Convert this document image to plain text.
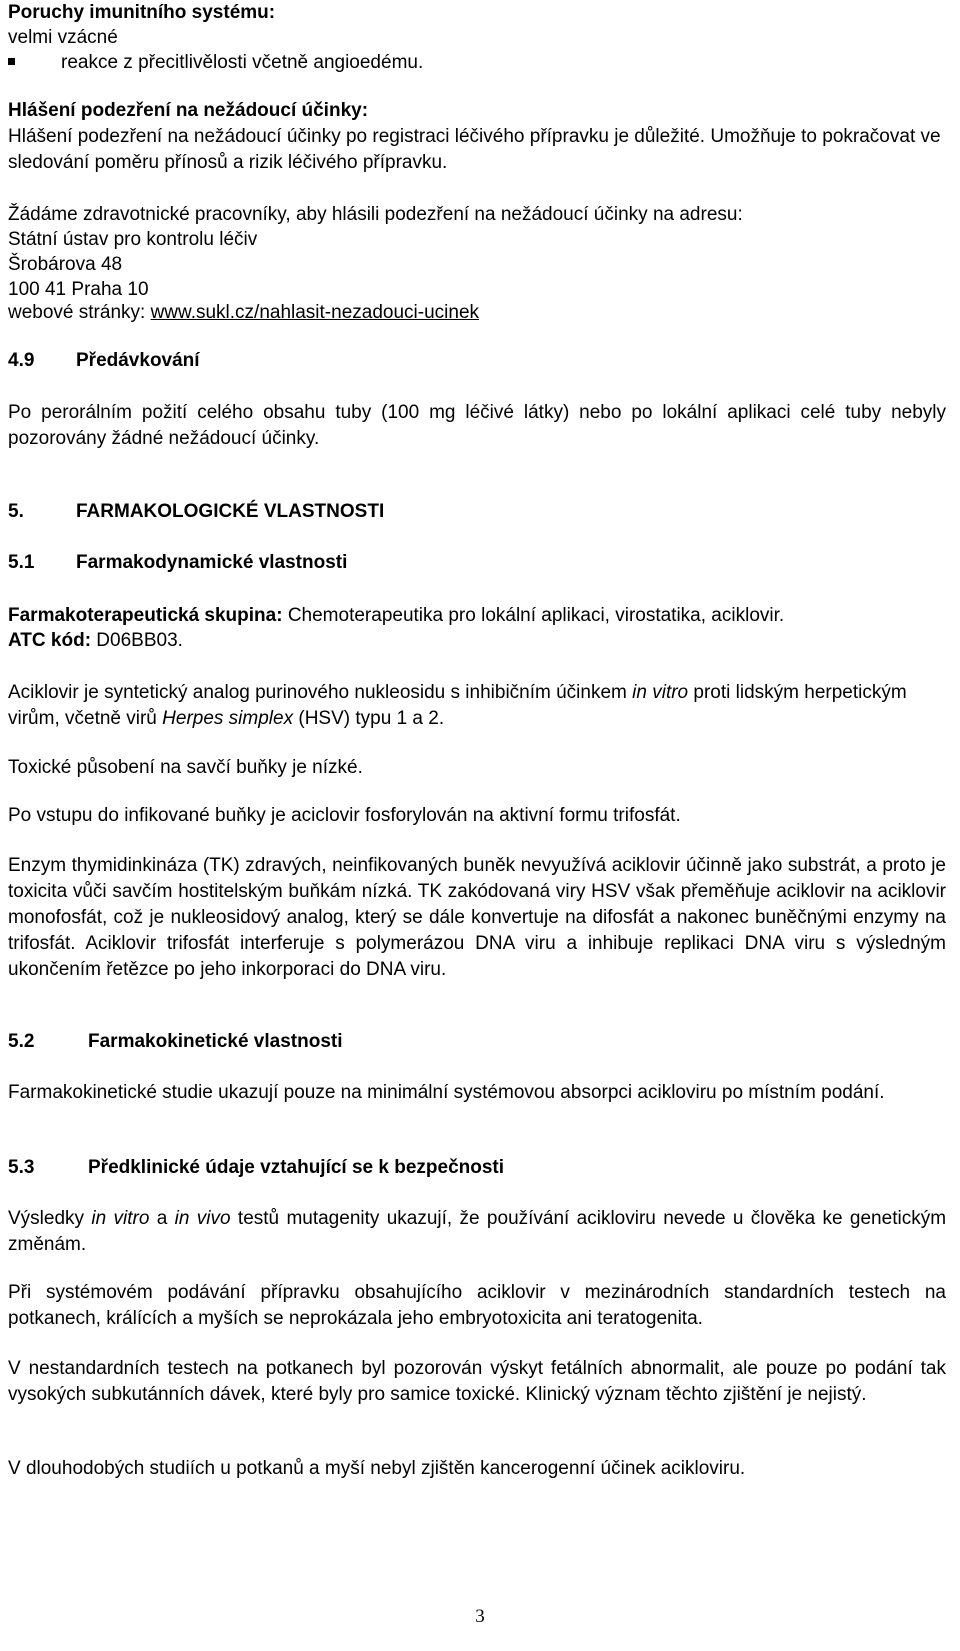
Poruchy imunitního systému:
velmi vzácné
reakce z přecitlivělosti včetně angioedému.
Hlášení podezření na nežádoucí účinky:
Hlášení podezření na nežádoucí účinky po registraci léčivého přípravku je důležité. Umožňuje to pokračovat ve sledování poměru přínosů a rizik léčivého přípravku.
Žádáme zdravotnické pracovníky, aby hlásili podezření na nežádoucí účinky na adresu:
Státní ústav pro kontrolu léčiv
Šrobárova 48
100 41 Praha 10
webové stránky: www.sukl.cz/nahlasit-nezadouci-ucinek
4.9 Předávkování
Po perorálním požití celého obsahu tuby (100 mg léčivé látky) nebo po lokální aplikaci celé tuby nebyly pozorovány žádné nežádoucí účinky.
5.	FARMAKOLOGICKÉ VLASTNOSTI
5.1 Farmakodynamické vlastnosti
Farmakoterapeutická skupina: Chemoterapeutika pro lokální aplikaci, virostatika, aciklovir.
ATC kód: D06BB03.
Aciklovir je syntetický analog purinového nukleosidu s inhibičním účinkem in vitro proti lidským herpetickým virům, včetně virů Herpes simplex (HSV) typu 1 a 2.
Toxické působení na savčí buňky je nízké.
Po vstupu do infikované buňky je aciclovir fosforylován na aktivní formu trifosfát.
Enzym thymidinkináza (TK) zdravých, neinfikovaných buněk nevyužívá aciklovir účinně jako substrát, a proto je toxicita vůči savčím hostitelským buňkám nízká. TK zakódovaná viry HSV však přeměňuje aciklovir na aciklovir monofosfát, což je nukleosidový analog, který se dále konvertuje na difosfát a nakonec buněčnými enzymy na trifosfát. Aciklovir trifosfát interferuje s polymerázou DNA viru a inhibuje replikaci DNA viru s výsledným ukončením řetězce po jeho inkorporaci do DNA viru.
5.2	Farmakokinetické vlastnosti
Farmakokinetické studie ukazují pouze na minimální systémovou absorpci acikloviru po místním podání.
5.3	Předklinické údaje vztahující se k bezpečnosti
Výsledky in vitro a in vivo testů mutagenity ukazují, že používání acikloviru nevede u člověka ke genetickým změnám.
Při systémovém podávání přípravku obsahujícího aciklovir v mezinárodních standardních testech na potkanech, králících a myších se neprokázala jeho embryotoxicita ani teratogenita.
V nestandardních testech na potkanech byl pozorován výskyt fetálních abnormalit, ale pouze po podání tak vysokých subkutánních dávek, které byly pro samice toxické. Klinický význam těchto zjištění je nejistý.
V dlouhodobých studiích u potkanů a myší nebyl zjištěn kancerogenní účinek acikloviru.
3
